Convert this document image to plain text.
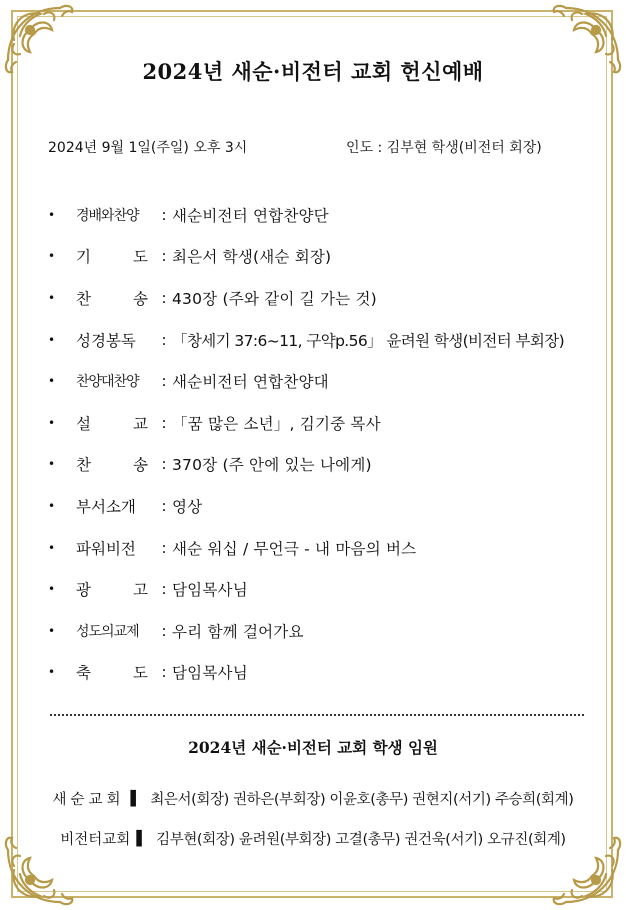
2024년 새순·비전터 교회 헌신예배
2024년 9월 1일(주일) 오후 3시	인도 : 김부현 학생(비전터 회장)
•	경배와찬양	: 새순비전터 연합찬양단
•	기	도 : 최은서 학생(새순 회장)
•	찬	송 : 430장 (주와 같이 길 가는 것)
•	성경봉독	: 「창세기 37:6~11, 구약p.56」 윤려원 학생(비전터 부회장)
•	찬양대찬양	: 새순비전터 연합찬양대
•	설	교 : 「꿈 많은 소년」, 김기중 목사
•	찬	송 : 370장 (주 안에 있는 나에게)
•	부서소개	: 영상
•	파워비전	: 새순 워십 / 무언극 - 내 마음의 버스
•	광	고 : 담임목사님
•	성도의교제	: 우리 함께 걸어가요
•	축	도 : 담임목사님
2024년 새순·비전터 교회 학생 임원
새순교회 ▌ 최은서(회장) 권하은(부회장) 이윤호(총무) 권현지(서기) 주승희(회계)
비전터교회 ▌ 김부현(회장) 윤려원(부회장) 고결(총무) 권건욱(서기) 오규진(회계)
